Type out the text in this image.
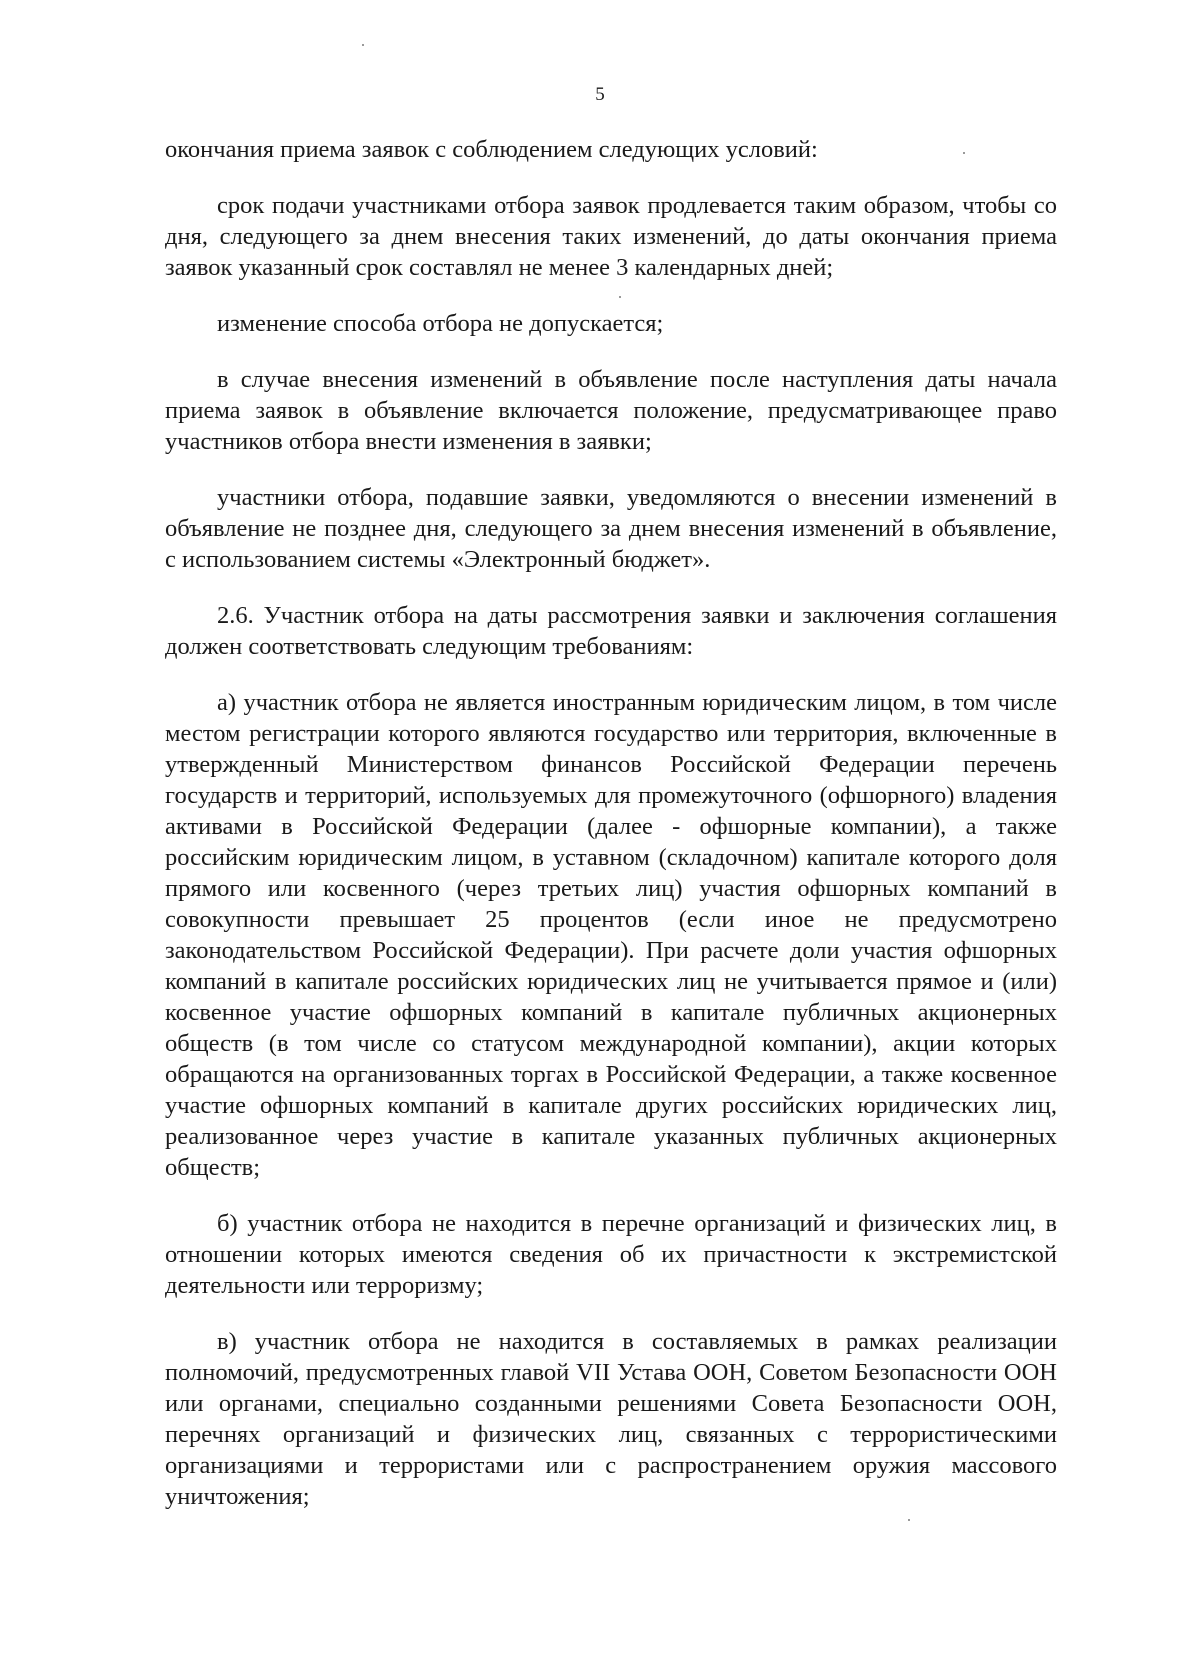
5

окончания приема заявок с соблюдением следующих условий:

срок подачи участниками отбора заявок продлевается таким образом, чтобы со дня, следующего за днем внесения таких изменений, до даты окончания приема заявок указанный срок составлял не менее 3 календарных дней;

изменение способа отбора не допускается;

в случае внесения изменений в объявление после наступления даты начала приема заявок в объявление включается положение, предусматривающее право участников отбора внести изменения в заявки;

участники отбора, подавшие заявки, уведомляются о внесении изменений в объявление не позднее дня, следующего за днем внесения изменений в объявление, с использованием системы «Электронный бюджет».

2.6. Участник отбора на даты рассмотрения заявки и заключения соглашения должен соответствовать следующим требованиям:

а) участник отбора не является иностранным юридическим лицом, в том числе местом регистрации которого являются государство или территория, включенные в утвержденный Министерством финансов Российской Федерации перечень государств и территорий, используемых для промежуточного (офшорного) владения активами в Российской Федерации (далее - офшорные компании), а также российским юридическим лицом, в уставном (складочном) капитале которого доля прямого или косвенного (через третьих лиц) участия офшорных компаний в совокупности превышает 25 процентов (если иное не предусмотрено законодательством Российской Федерации). При расчете доли участия офшорных компаний в капитале российских юридических лиц не учитывается прямое и (или) косвенное участие офшорных компаний в капитале публичных акционерных обществ (в том числе со статусом международной компании), акции которых обращаются на организованных торгах в Российской Федерации, а также косвенное участие офшорных компаний в капитале других российских юридических лиц, реализованное через участие в капитале указанных публичных акционерных обществ;

б) участник отбора не находится в перечне организаций и физических лиц, в отношении которых имеются сведения об их причастности к экстремистской деятельности или терроризму;

в) участник отбора не находится в составляемых в рамках реализации полномочий, предусмотренных главой VII Устава ООН, Советом Безопасности ООН или органами, специально созданными решениями Совета Безопасности ООН, перечнях организаций и физических лиц, связанных с террористическими организациями и террористами или с распространением оружия массового уничтожения;
